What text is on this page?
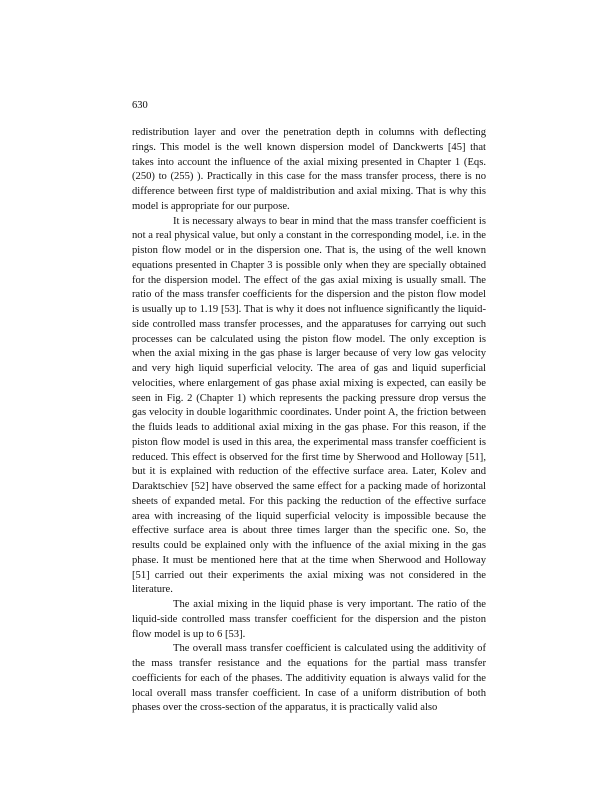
630

redistribution layer and over the penetration depth in columns with deflecting rings. This model is the well known dispersion model of Danckwerts [45] that takes into account the influence of the axial mixing presented in Chapter 1 (Eqs. (250) to (255) ). Practically in this case for the mass transfer process, there is no difference between first type of maldistribution and axial mixing. That is why this model is appropriate for our purpose.

It is necessary always to bear in mind that the mass transfer coefficient is not a real physical value, but only a constant in the corresponding model, i.e. in the piston flow model or in the dispersion one. That is, the using of the well known equations presented in Chapter 3 is possible only when they are specially obtained for the dispersion model. The effect of the gas axial mixing is usually small. The ratio of the mass transfer coefficients for the dispersion and the piston flow model is usually up to 1.19 [53]. That is why it does not influence significantly the liquid-side controlled mass transfer processes, and the apparatuses for carrying out such processes can be calculated using the piston flow model. The only exception is when the axial mixing in the gas phase is larger because of very low gas velocity and very high liquid superficial velocity. The area of gas and liquid superficial velocities, where enlargement of gas phase axial mixing is expected, can easily be seen in Fig. 2 (Chapter 1) which represents the packing pressure drop versus the gas velocity in double logarithmic coordinates. Under point A, the friction between the fluids leads to additional axial mixing in the gas phase. For this reason, if the piston flow model is used in this area, the experimental mass transfer coefficient is reduced. This effect is observed for the first time by Sherwood and Holloway [51], but it is explained with reduction of the effective surface area. Later, Kolev and Daraktschiev [52] have observed the same effect for a packing made of horizontal sheets of expanded metal. For this packing the reduction of the effective surface area with increasing of the liquid superficial velocity is impossible because the effective surface area is about three times larger than the specific one. So, the results could be explained only with the influence of the axial mixing in the gas phase. It must be mentioned here that at the time when Sherwood and Holloway [51] carried out their experiments the axial mixing was not considered in the literature.

The axial mixing in the liquid phase is very important. The ratio of the liquid-side controlled mass transfer coefficient for the dispersion and the piston flow model is up to 6 [53].

The overall mass transfer coefficient is calculated using the additivity of the mass transfer resistance and the equations for the partial mass transfer coefficients for each of the phases. The additivity equation is always valid for the local overall mass transfer coefficient. In case of a uniform distribution of both phases over the cross-section of the apparatus, it is practically valid also
